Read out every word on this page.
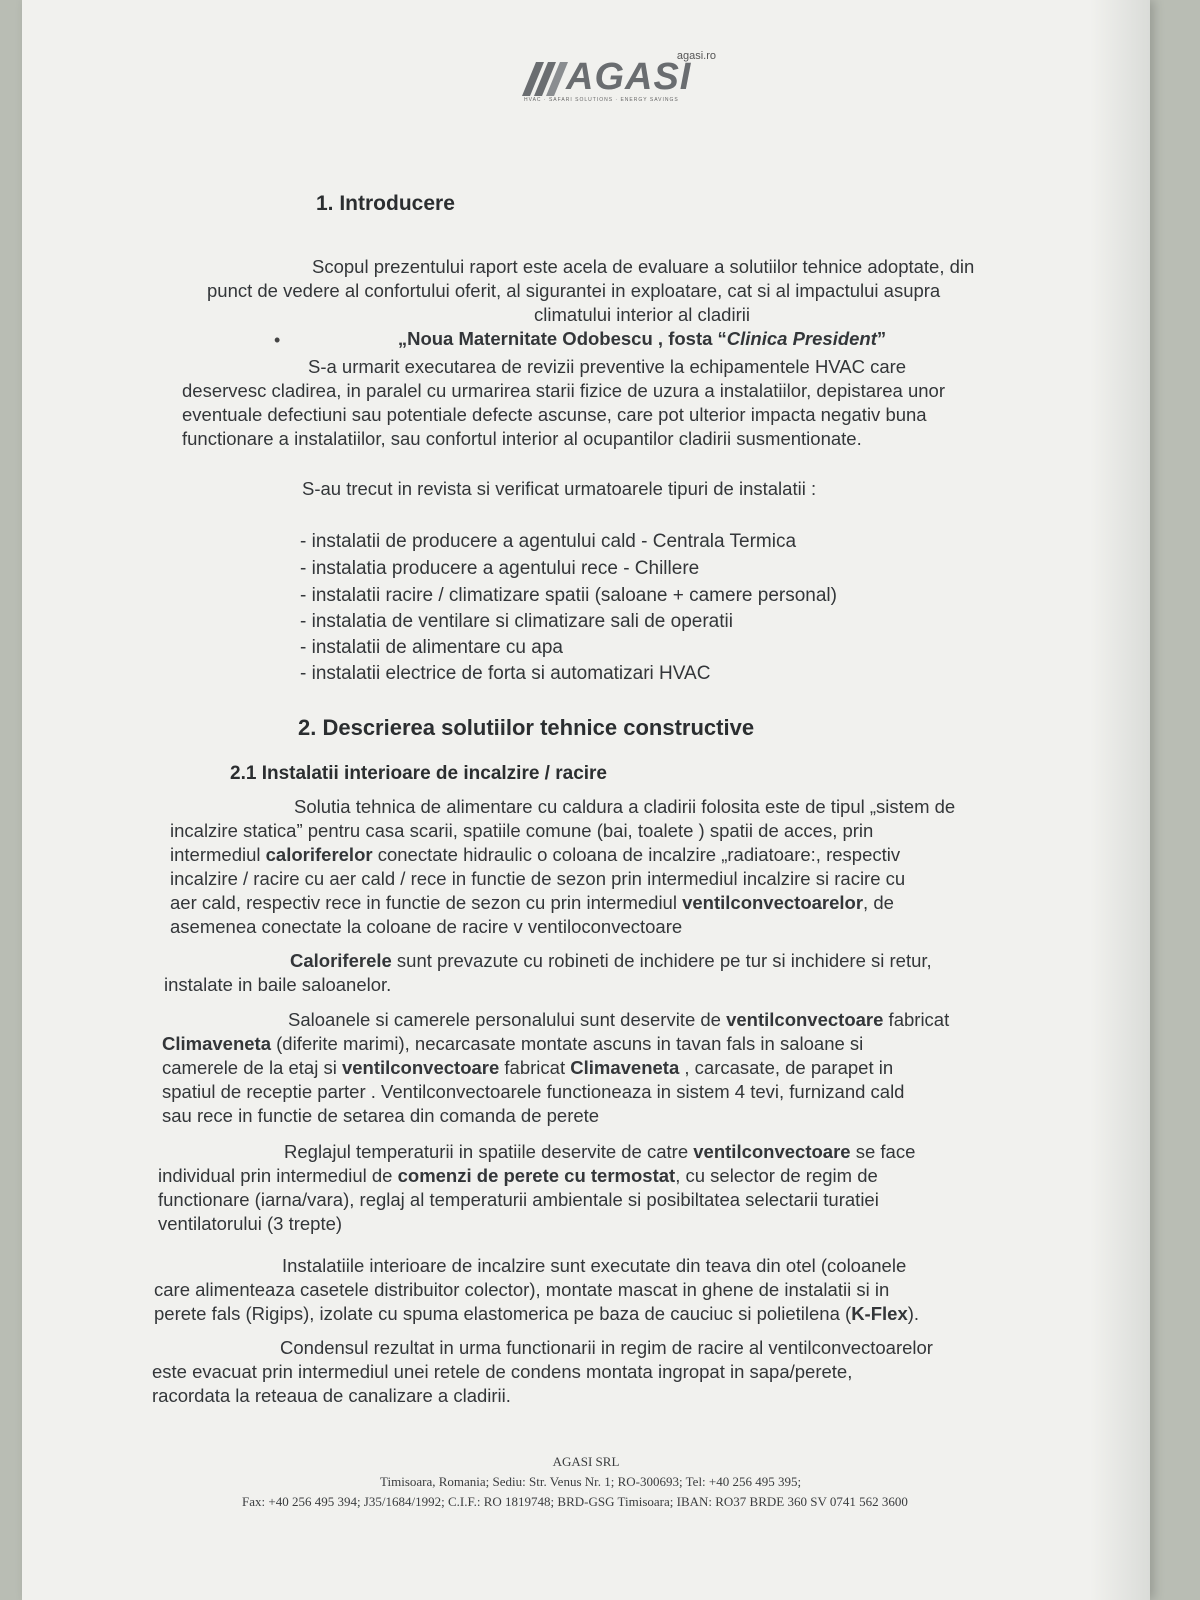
agasi.ro
AGASI
HVAC · SAFARI SOLUTIONS · ENERGY SAVINGS
1. Introducere
Scopul prezentului raport este acela de evaluare a solutiilor tehnice adoptate, din
punct de vedere al confortului oferit, al sigurantei in exploatare, cat si al impactului asupra
climatului interior al cladirii
„Noua Maternitate Odobescu , fosta “Clinica President”
•
S-a urmarit executarea de revizii preventive la echipamentele HVAC care
deservesc cladirea, in paralel cu urmarirea starii fizice de uzura a instalatiilor, depistarea unor
eventuale defectiuni sau potentiale defecte ascunse, care pot ulterior impacta negativ buna
functionare a instalatiilor, sau confortul interior al ocupantilor cladirii susmentionate.
S-au trecut in revista si verificat urmatoarele tipuri de instalatii :
- instalatii de producere a agentului cald - Centrala Termica
- instalatia producere a agentului rece - Chillere
- instalatii racire / climatizare spatii (saloane + camere personal)
- instalatia de ventilare si climatizare sali de operatii
- instalatii de alimentare cu apa
- instalatii electrice de forta si automatizari HVAC
2. Descrierea solutiilor tehnice constructive
2.1 Instalatii interioare de incalzire / racire
Solutia tehnica de alimentare cu caldura a cladirii folosita este de tipul „sistem de
incalzire statica” pentru casa scarii, spatiile comune (bai, toalete ) spatii de acces, prin
intermediul caloriferelor conectate hidraulic o coloana de incalzire „radiatoare:, respectiv
incalzire / racire cu aer cald / rece in functie de sezon prin intermediul incalzire si racire cu
aer cald, respectiv rece in functie de sezon cu prin intermediul ventilconvectoarelor, de
asemenea conectate la coloane de racire v ventiloconvectoare
Caloriferele sunt prevazute cu robineti de inchidere pe tur si inchidere si retur,
instalate in baile saloanelor.
Saloanele si camerele personalului sunt deservite de ventilconvectoare fabricat
Climaveneta (diferite marimi), necarcasate montate ascuns in tavan fals in saloane si
camerele de la etaj si ventilconvectoare fabricat Climaveneta , carcasate, de parapet in
spatiul de receptie parter . Ventilconvectoarele functioneaza in sistem 4 tevi, furnizand cald
sau rece in functie de setarea din comanda de perete
Reglajul temperaturii in spatiile deservite de catre ventilconvectoare se face
individual prin intermediul de comenzi de perete cu termostat, cu selector de regim de
functionare (iarna/vara), reglaj al temperaturii ambientale si posibiltatea selectarii turatiei
ventilatorului (3 trepte)
Instalatiile interioare de incalzire sunt executate din teava din otel (coloanele
care alimenteaza casetele distribuitor colector), montate mascat in ghene de instalatii si in
perete fals (Rigips), izolate cu spuma elastomerica pe baza de cauciuc si polietilena (K-Flex).
Condensul rezultat in urma functionarii in regim de racire al ventilconvectoarelor
este evacuat prin intermediul unei retele de condens montata ingropat in sapa/perete,
racordata la reteaua de canalizare a cladirii.
AGASI SRL
Timisoara, Romania; Sediu: Str. Venus Nr. 1; RO-300693; Tel: +40 256 495 395;
Fax: +40 256 495 394; J35/1684/1992; C.I.F.: RO 1819748; BRD-GSG Timisoara; IBAN: RO37 BRDE 360 SV 0741 562 3600
